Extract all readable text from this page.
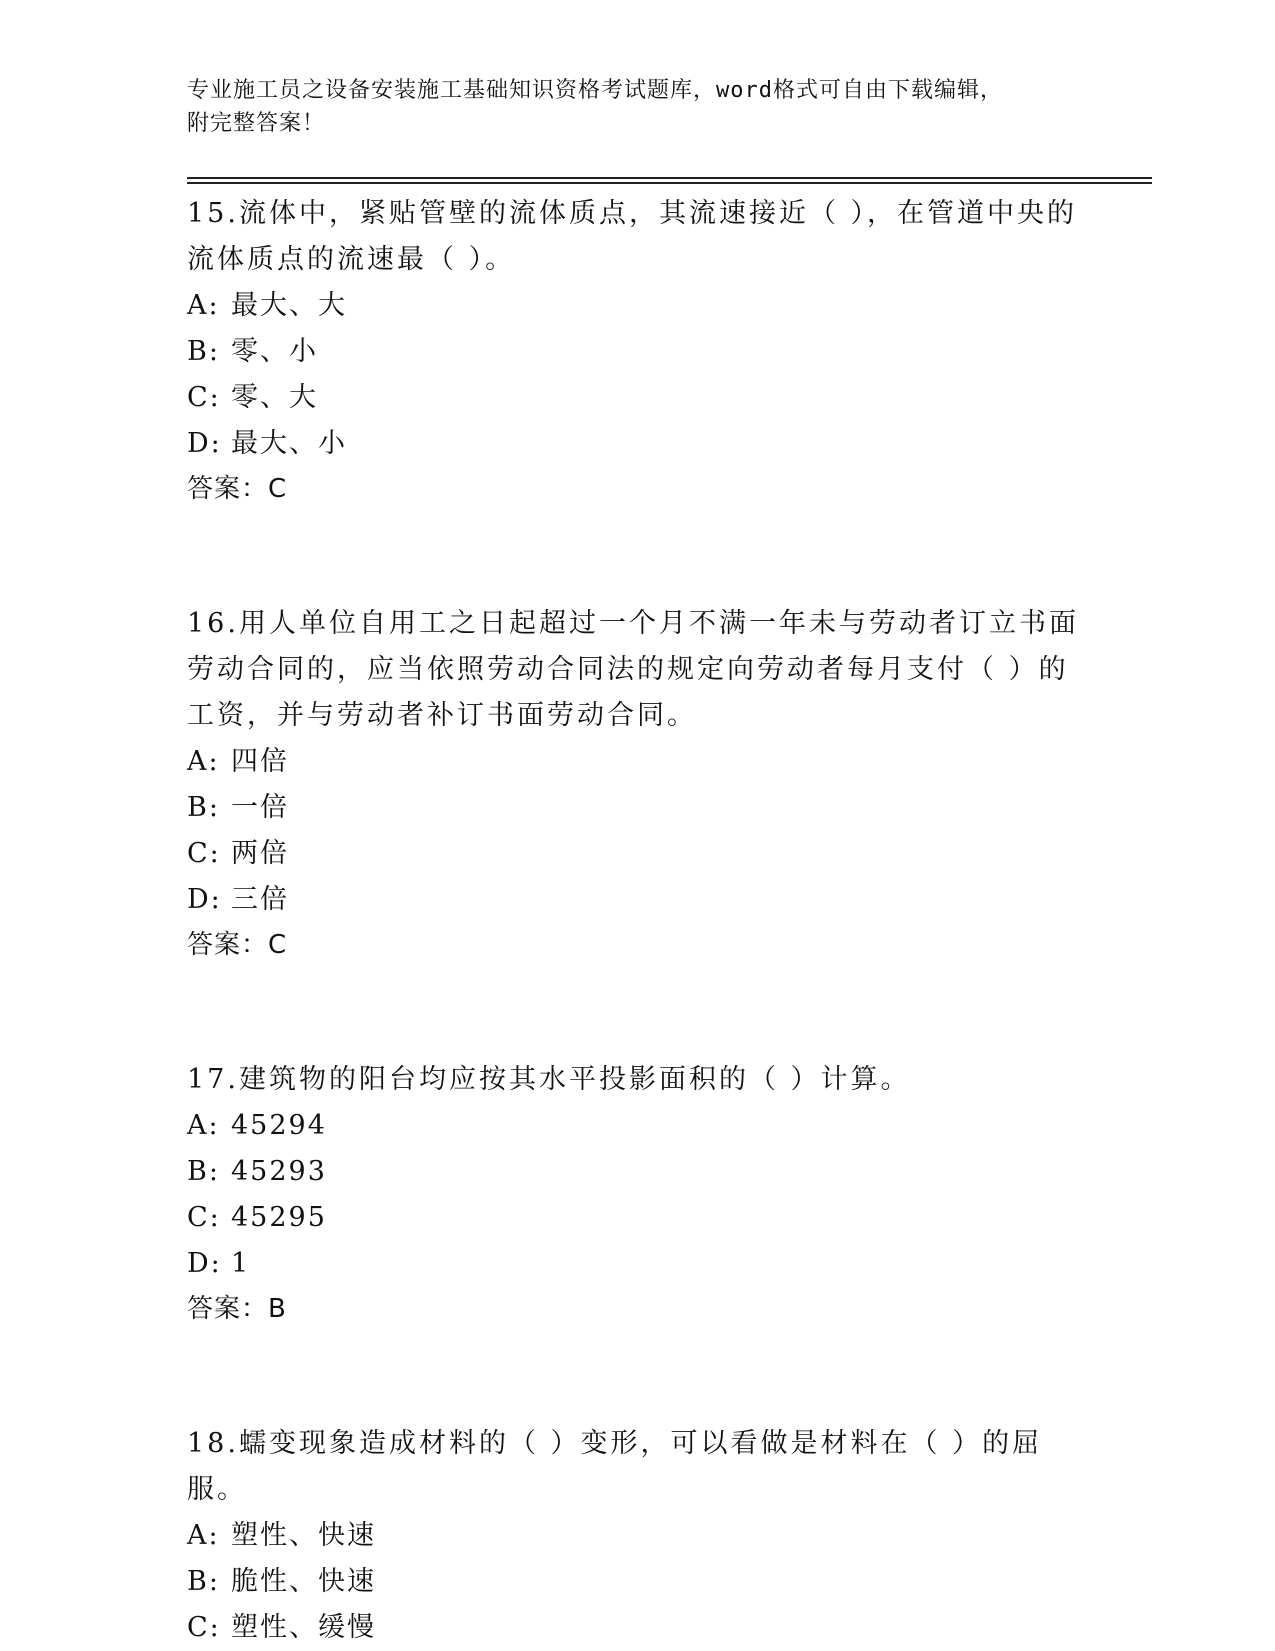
专业施工员之设备安装施工基础知识资格考试题库，word格式可自由下载编辑，
附完整答案！
15.流体中，紧贴管壁的流体质点，其流速接近（ ），在管道中央的流体质点的流速最（ ）。
A: 最大、大
B: 零、小
C: 零、大
D: 最大、小
答案：C
16.用人单位自用工之日起超过一个月不满一年未与劳动者订立书面劳动合同的，应当依照劳动合同法的规定向劳动者每月支付（ ）的工资，并与劳动者补订书面劳动合同。
A: 四倍
B: 一倍
C: 两倍
D: 三倍
答案：C
17.建筑物的阳台均应按其水平投影面积的（ ）计算。
A: 45294
B: 45293
C: 45295
D: 1
答案：B
18.蠕变现象造成材料的（ ）变形，可以看做是材料在（ ）的屈服。
A: 塑性、快速
B: 脆性、快速
C: 塑性、缓慢
